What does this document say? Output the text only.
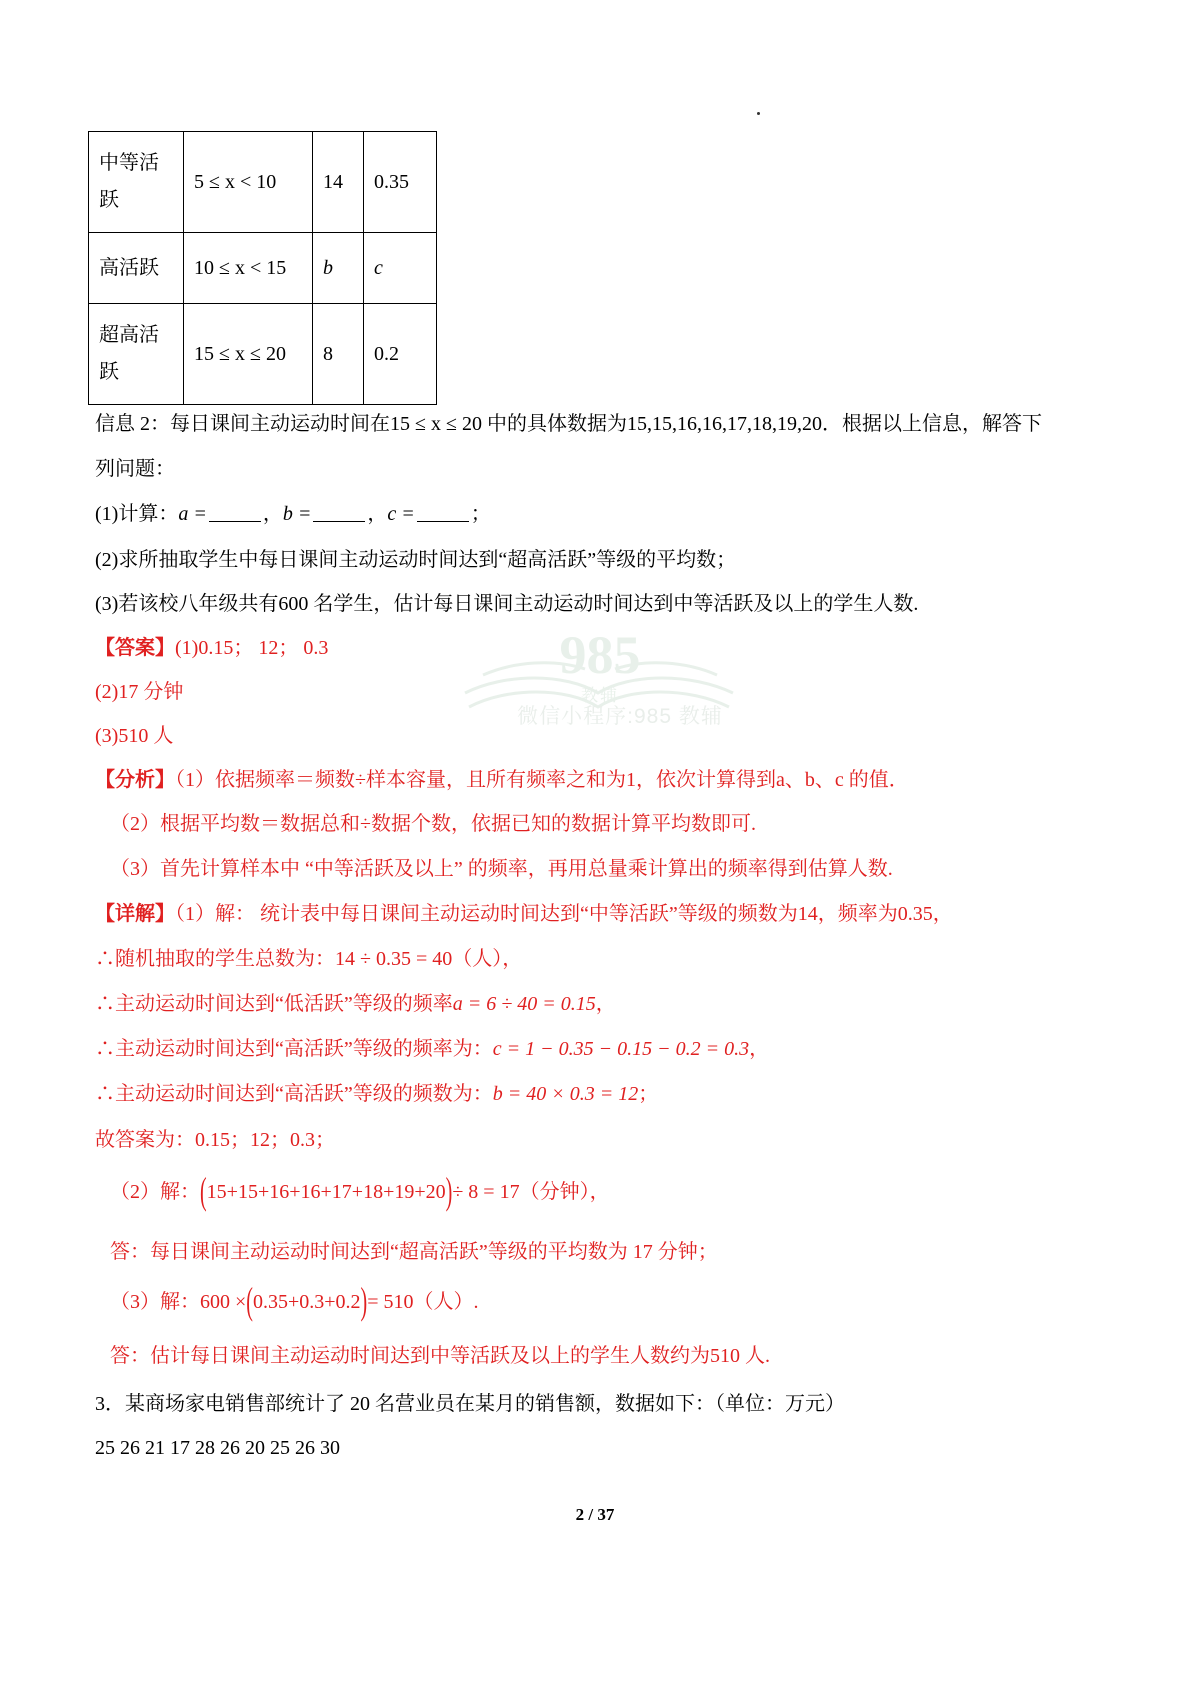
985
教辅
微信小程序:985 教辅
中等活跃	5 ≤ x < 10	14	0.35
高活跃	10 ≤ x < 15	b	c

超高活跃	15 ≤ x ≤ 20	8	0.2
信息 2：每日课间主动运动时间在15 ≤ x ≤ 20 中的具体数据为15,15,16,16,17,18,19,20．根据以上信息，解答下
列问题：
(1)计算：a =	，b =	，c =	；
(2)求所抽取学生中每日课间主动运动时间达到“超高活跃”等级的平均数；
(3)若该校八年级共有600 名学生，估计每日课间主动运动时间达到中等活跃及以上的学生人数.
【答案】(1)0.15； 12； 0.3
(2)17 分钟
(3)510 人
【分析】（1）依据频率＝频数÷样本容量，且所有频率之和为1，依次计算得到a、b、c 的值．
（2）根据平均数＝数据总和÷数据个数，依据已知的数据计算平均数即可.
（3）首先计算样本中 “中等活跃及以上” 的频率，再用总量乘计算出的频率得到估算人数.
【详解】（1）解： 统计表中每日课间主动运动时间达到“中等活跃”等级的频数为14，频率为0.35，
∴随机抽取的学生总数为：14 ÷ 0.35 = 40（人），
∴主动运动时间达到“低活跃”等级的频率a = 6 ÷ 40 = 0.15，
∴主动运动时间达到“高活跃”等级的频率为：c = 1 − 0.35 − 0.15 − 0.2 = 0.3，
∴主动运动时间达到“高活跃”等级的频数为：b = 40 × 0.3 = 12；
故答案为：0.15；12；0.3；
（2）解：(15+15+16+16+17+18+19+20)÷ 8 = 17（分钟），
答：每日课间主动运动时间达到“超高活跃”等级的平均数为 17 分钟；
（3）解：600 ×(0.35+0.3+0.2)= 510（人）.
答：估计每日课间主动运动时间达到中等活跃及以上的学生人数约为510 人.
3．某商场家电销售部统计了 20 名营业员在某月的销售额，数据如下：（单位：万元）
25 26 21 17 28 26 20 25 26 30
2 / 37
